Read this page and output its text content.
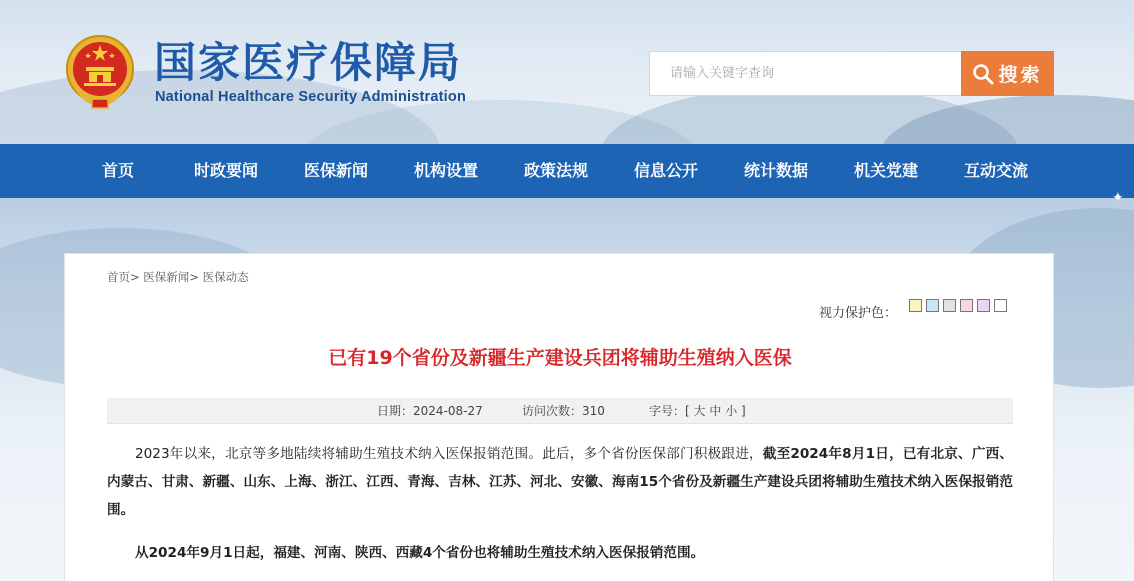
国家医疗保障局
National Healthcare Security Administration
请输入关键字查询
搜索
首页	时政要闻	医保新闻	机构设置	政策法规	信息公开	统计数据	机关党建	互动交流
✦
首页> 医保新闻> 医保动态
视力保护色：
已有19个省份及新疆生产建设兵团将辅助生殖纳入医保
日期：2024-08-27	访问次数：310	字号：[ 大 中 小 ]
2023年以来，北京等多地陆续将辅助生殖技术纳入医保报销范围。此后，多个省份医保部门积极跟进，截至2024年8月1日，已有北京、广西、内蒙古、甘肃、新疆、山东、上海、浙江、江西、青海、吉林、江苏、河北、安徽、海南15个省份及新疆生产建设兵团将辅助生殖技术纳入医保报销范围。
从2024年9月1日起，福建、河南、陕西、西藏4个省份也将辅助生殖技术纳入医保报销范围。
